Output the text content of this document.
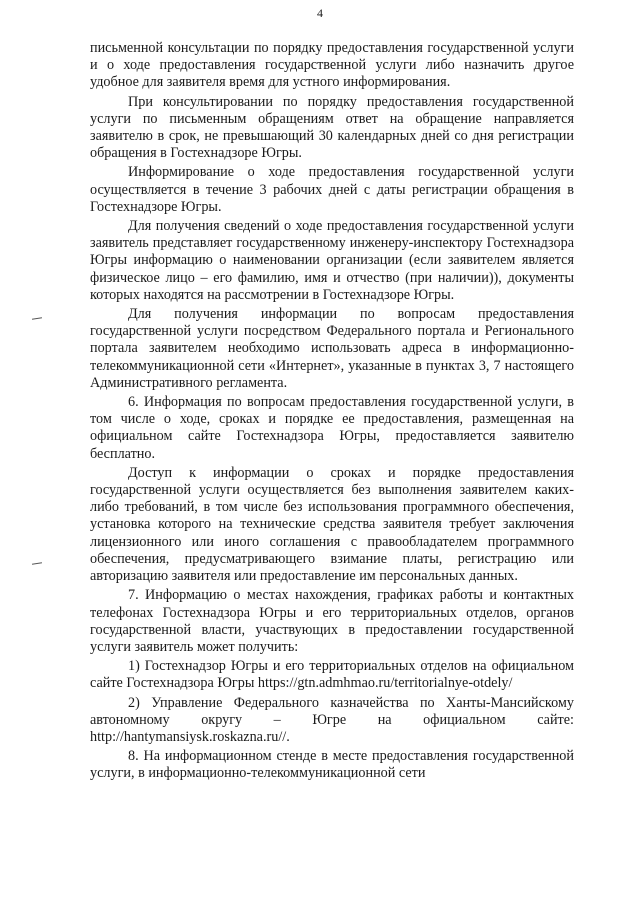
4

письменной консультации по порядку предоставления государственной услуги и о ходе предоставления государственной услуги либо назначить другое удобное для заявителя время для устного информирования.

При консультировании по порядку предоставления государственной услуги по письменным обращениям ответ на обращение направляется заявителю в срок, не превышающий 30 календарных дней со дня регистрации обращения в Гостехнадзоре Югры.

Информирование о ходе предоставления государственной услуги осуществляется в течение 3 рабочих дней с даты регистрации обращения в Гостехнадзоре Югры.

Для получения сведений о ходе предоставления государственной услуги заявитель представляет государственному инженеру-инспектору Гостехнадзора Югры информацию о наименовании организации (если заявителем является физическое лицо – его фамилию, имя и отчество (при наличии)), документы которых находятся на рассмотрении в Гостехнадзоре Югры.

Для получения информации по вопросам предоставления государственной услуги посредством Федерального портала и Регионального портала заявителем необходимо использовать адреса в информационно-телекоммуникационной сети «Интернет», указанные в пунктах 3, 7 настоящего Административного регламента.

6. Информация по вопросам предоставления государственной услуги, в том числе о ходе, сроках и порядке ее предоставления, размещенная на официальном сайте Гостехнадзора Югры, предоставляется заявителю бесплатно.

Доступ к информации о сроках и порядке предоставления государственной услуги осуществляется без выполнения заявителем каких-либо требований, в том числе без использования программного обеспечения, установка которого на технические средства заявителя требует заключения лицензионного или иного соглашения с правообладателем программного обеспечения, предусматривающего взимание платы, регистрацию или авторизацию заявителя или предоставление им персональных данных.

7. Информацию о местах нахождения, графиках работы и контактных телефонах Гостехнадзора Югры и его территориальных отделов, органов государственной власти, участвующих в предоставлении государственной услуги заявитель может получить:

1) Гостехнадзор Югры и его территориальных отделов на официальном сайте Гостехнадзора Югры https://gtn.admhmao.ru/territorialnye-otdely/

2) Управление Федерального казначейства по Ханты-Мансийскому автономному округу – Югре на официальном сайте: http://hantymansiysk.roskazna.ru//.

8. На информационном стенде в месте предоставления государственной услуги, в информационно-телекоммуникационной сети
